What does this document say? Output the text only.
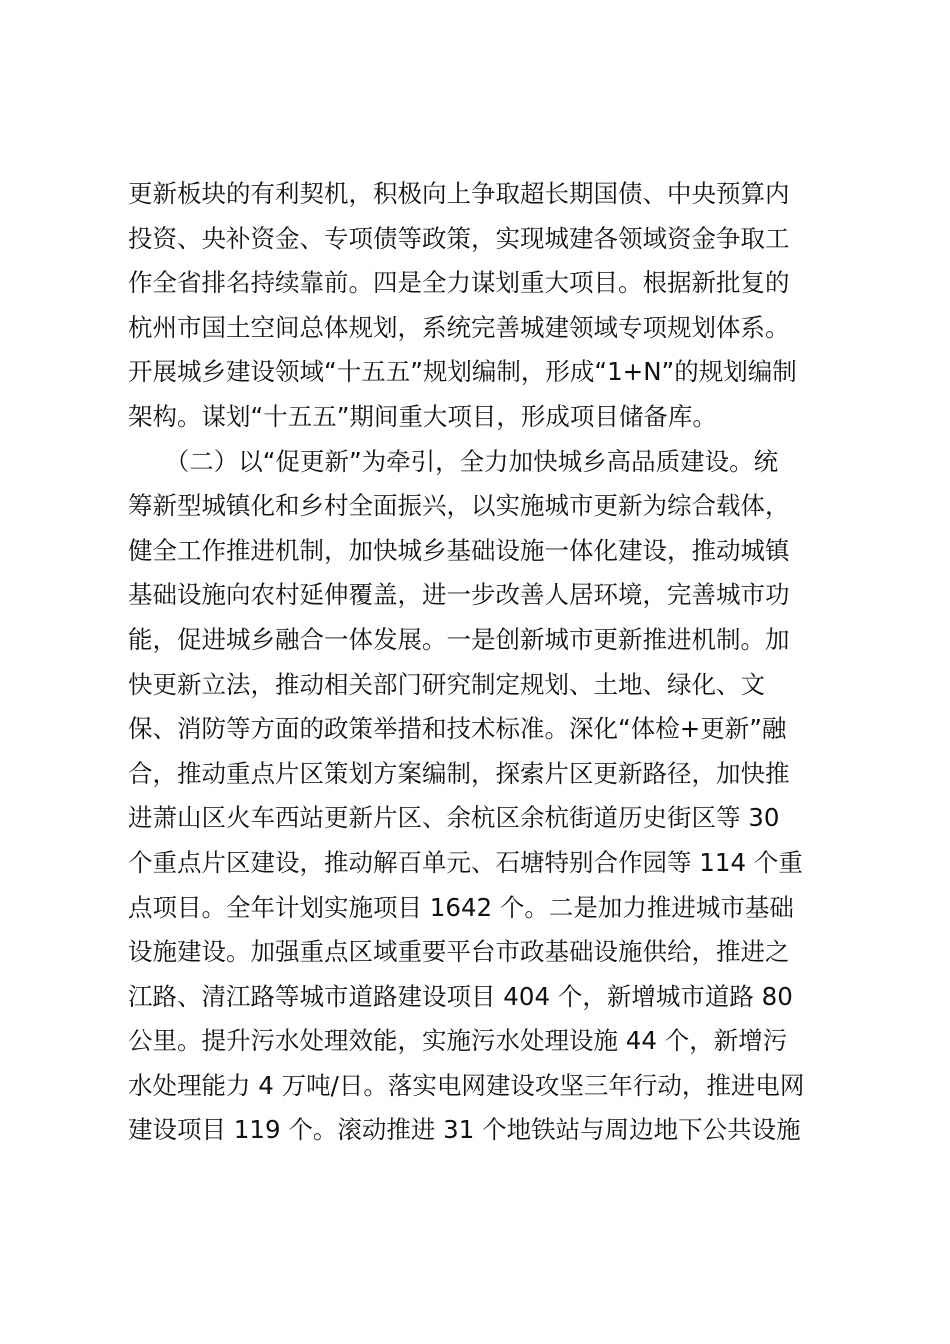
更新板块的有利契机，积极向上争取超长期国债、中央预算内
投资、央补资金、专项债等政策，实现城建各领域资金争取工
作全省排名持续靠前。四是全力谋划重大项目。根据新批复的
杭州市国土空间总体规划，系统完善城建领域专项规划体系。
开展城乡建设领域“十五五”规划编制，形成“1+N”的规划编制
架构。谋划“十五五”期间重大项目，形成项目储备库。
　　（二）以“促更新”为牵引，全力加快城乡高品质建设。统
筹新型城镇化和乡村全面振兴，以实施城市更新为综合载体，
健全工作推进机制，加快城乡基础设施一体化建设，推动城镇
基础设施向农村延伸覆盖，进一步改善人居环境，完善城市功
能，促进城乡融合一体发展。一是创新城市更新推进机制。加
快更新立法，推动相关部门研究制定规划、土地、绿化、文
保、消防等方面的政策举措和技术标准。深化“体检+更新”融
合，推动重点片区策划方案编制，探索片区更新路径，加快推
进萧山区火车西站更新片区、余杭区余杭街道历史街区等 30
个重点片区建设，推动解百单元、石塘特别合作园等 114 个重
点项目。全年计划实施项目 1642 个。二是加力推进城市基础
设施建设。加强重点区域重要平台市政基础设施供给，推进之
江路、清江路等城市道路建设项目 404 个，新增城市道路 80
公里。提升污水处理效能，实施污水处理设施 44 个，新增污
水处理能力 4 万吨/日。落实电网建设攻坚三年行动，推进电网
建设项目 119 个。滚动推进 31 个地铁站与周边地下公共设施
